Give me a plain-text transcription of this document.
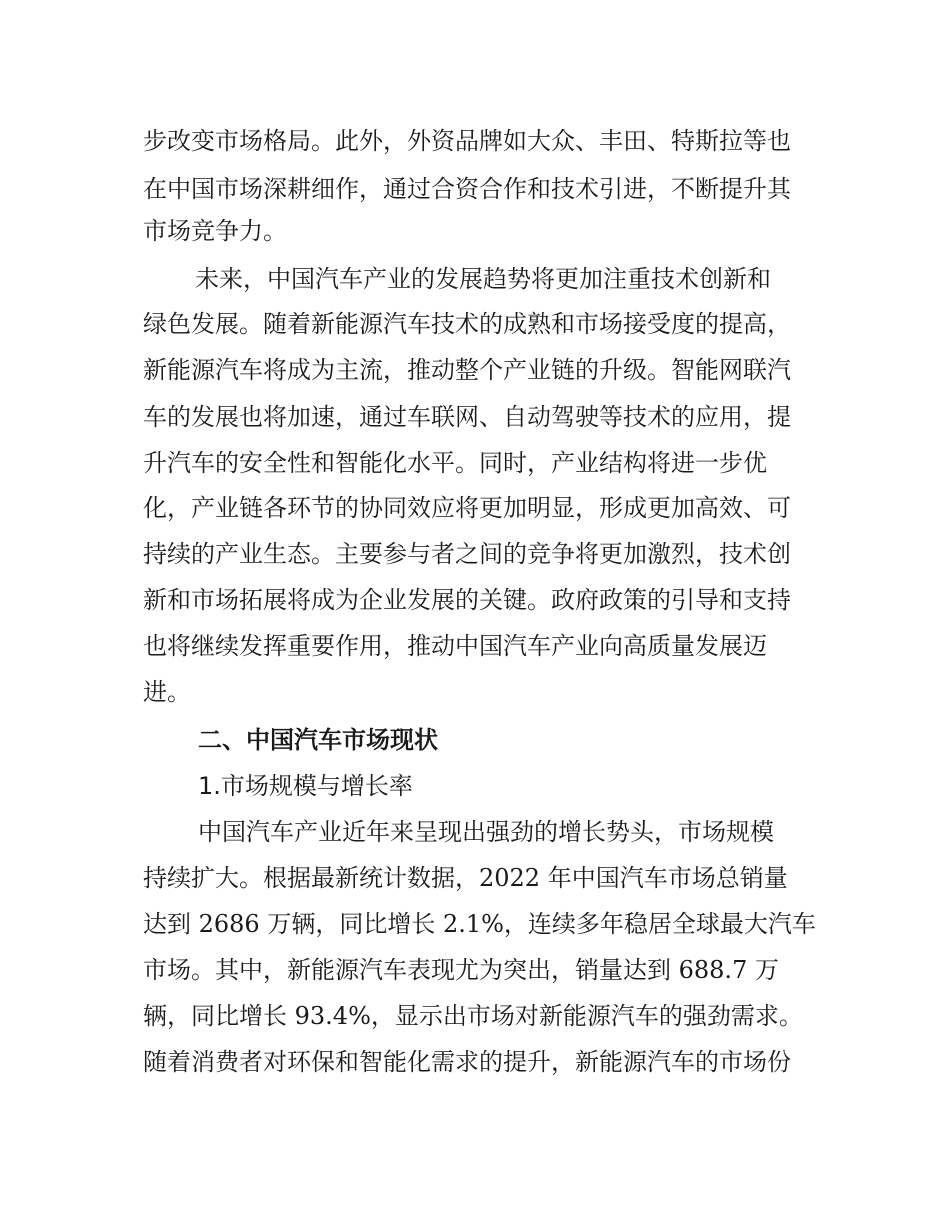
步改变市场格局。此外，外资品牌如大众、丰田、特斯拉等也
在中国市场深耕细作，通过合资合作和技术引进，不断提升其
市场竞争力。
未来，中国汽车产业的发展趋势将更加注重技术创新和
绿色发展。随着新能源汽车技术的成熟和市场接受度的提高，
新能源汽车将成为主流，推动整个产业链的升级。智能网联汽
车的发展也将加速，通过车联网、自动驾驶等技术的应用，提
升汽车的安全性和智能化水平。同时，产业结构将进一步优
化，产业链各环节的协同效应将更加明显，形成更加高效、可
持续的产业生态。主要参与者之间的竞争将更加激烈，技术创
新和市场拓展将成为企业发展的关键。政府政策的引导和支持
也将继续发挥重要作用，推动中国汽车产业向高质量发展迈
进。
二、中国汽车市场现状
1.市场规模与增长率
中国汽车产业近年来呈现出强劲的增长势头，市场规模
持续扩大。根据最新统计数据，2022 年中国汽车市场总销量
达到 2686 万辆，同比增长 2.1%，连续多年稳居全球最大汽车
市场。其中，新能源汽车表现尤为突出，销量达到 688.7 万
辆，同比增长 93.4%，显示出市场对新能源汽车的强劲需求。
随着消费者对环保和智能化需求的提升，新能源汽车的市场份
